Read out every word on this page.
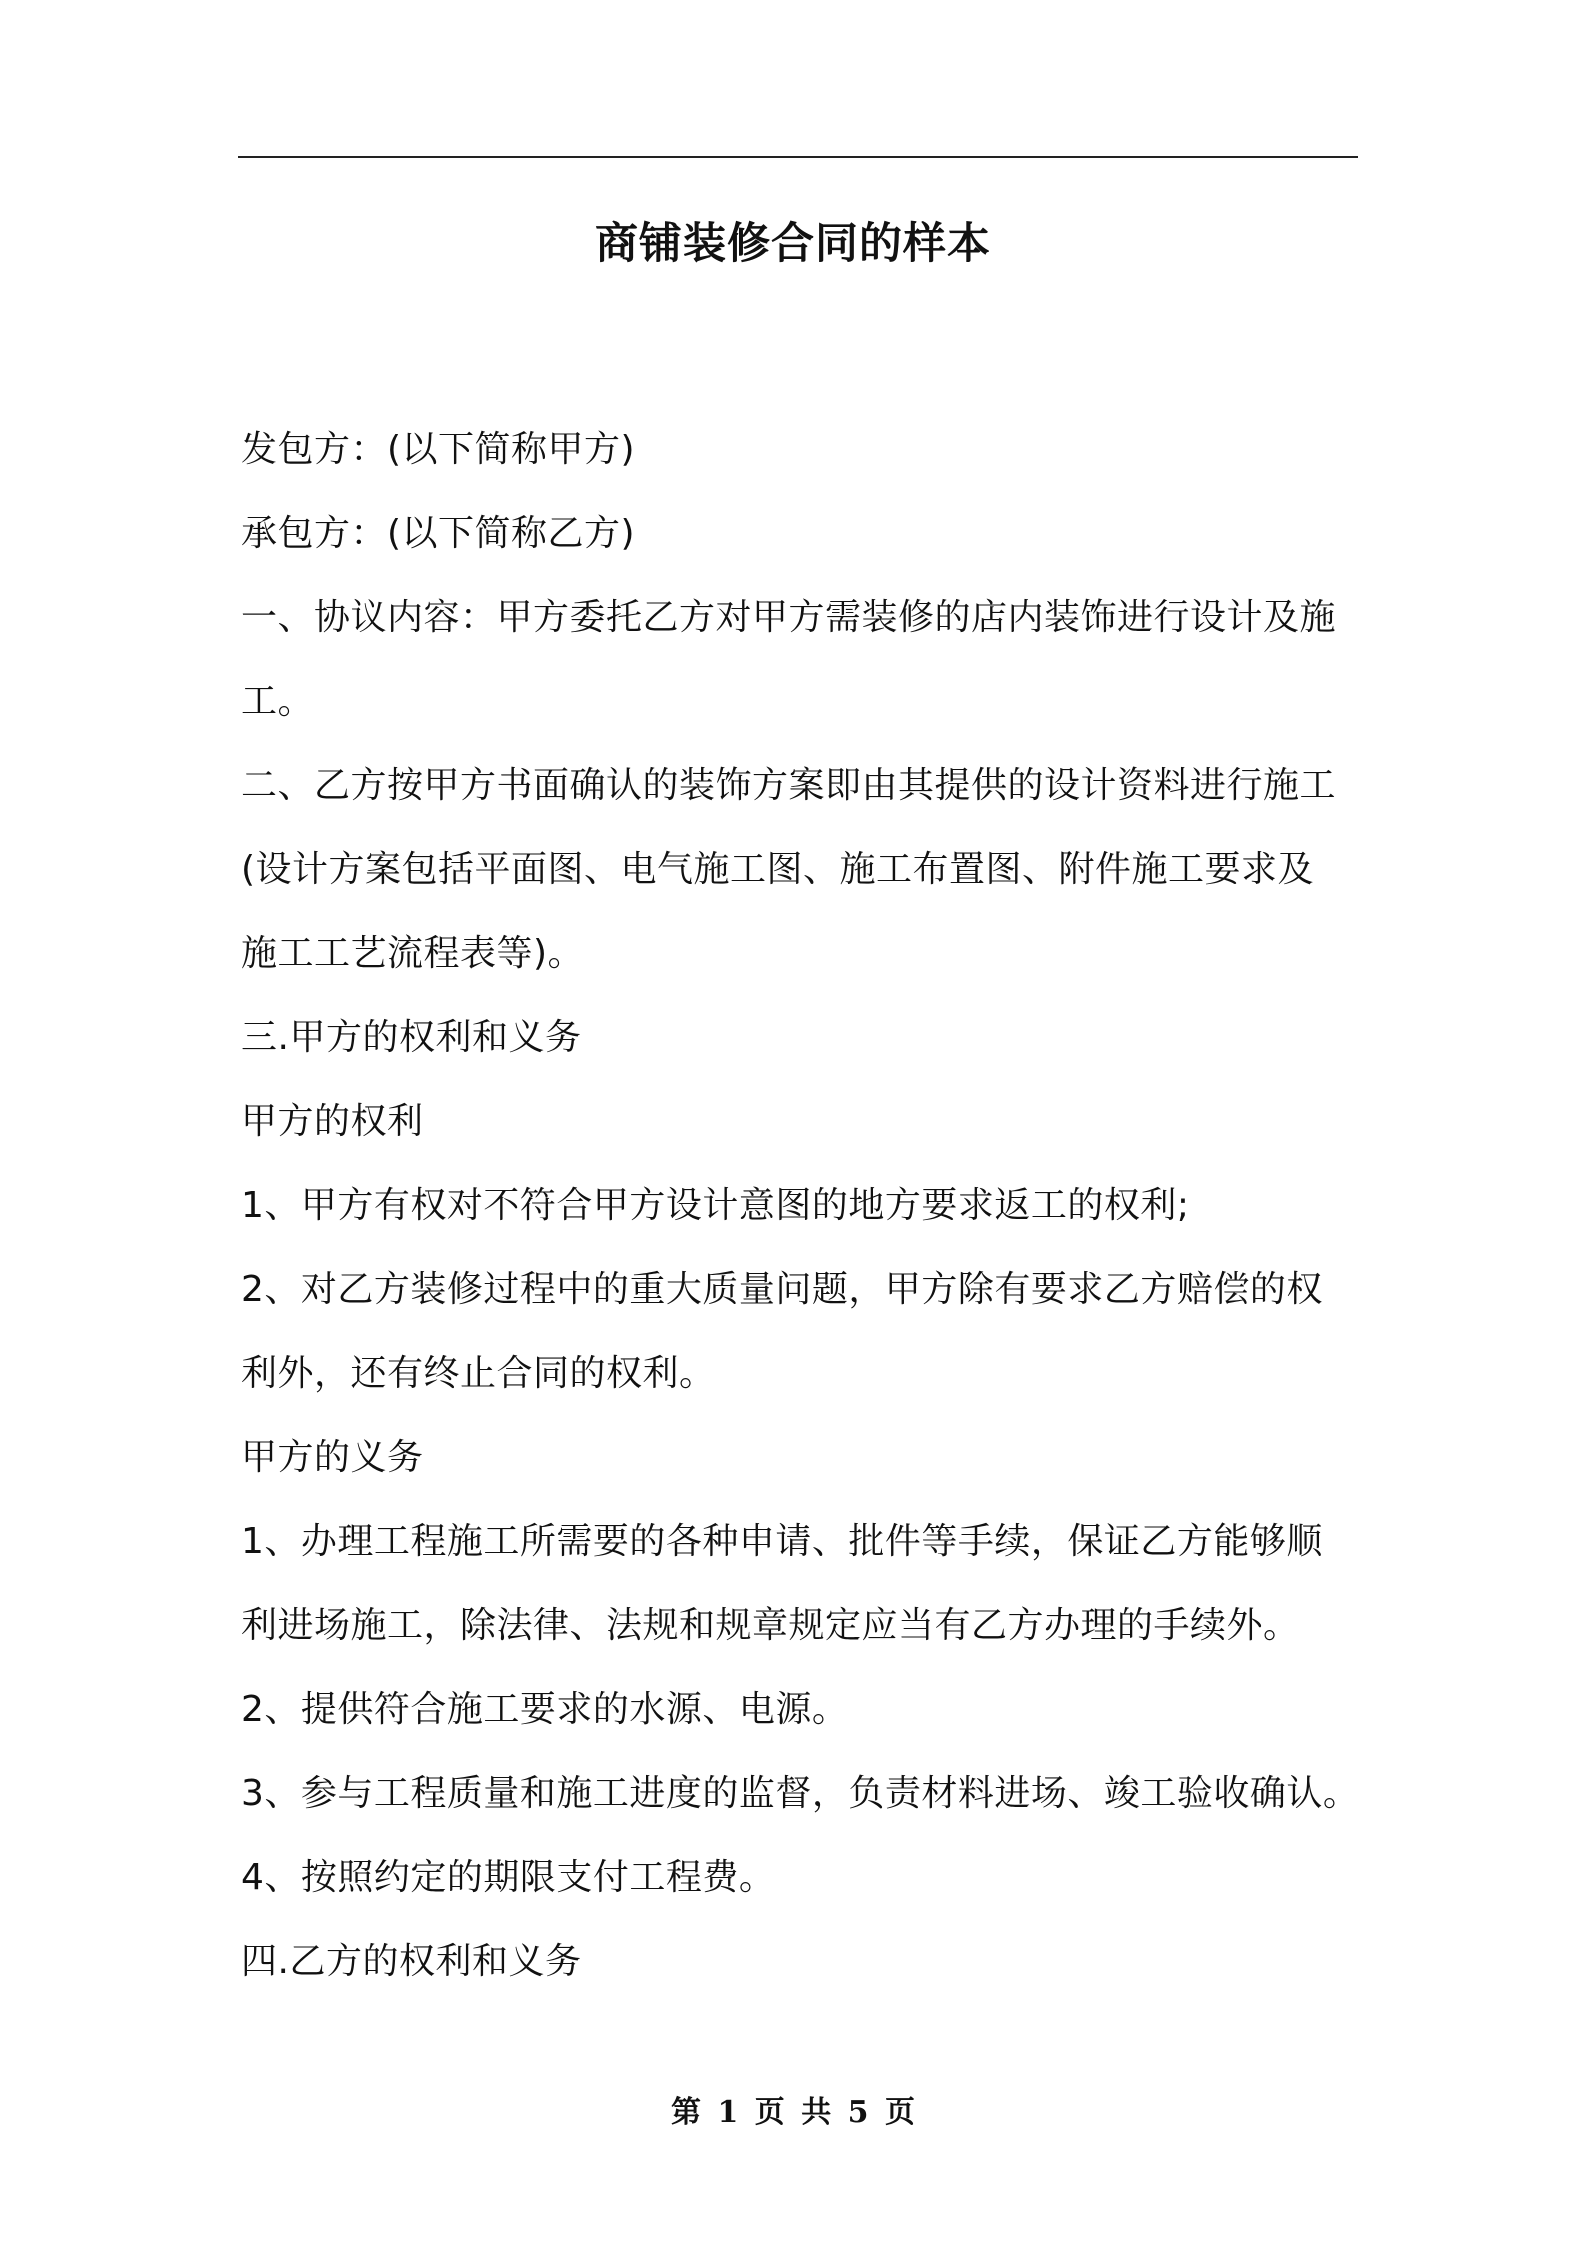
商铺装修合同的样本

发包方：(以下简称甲方)

承包方：(以下简称乙方)

一、协议内容：甲方委托乙方对甲方需装修的店内装饰进行设计及施

工。

二、乙方按甲方书面确认的装饰方案即由其提供的设计资料进行施工

(设计方案包括平面图、电气施工图、施工布置图、附件施工要求及

施工工艺流程表等)。

三.甲方的权利和义务

甲方的权利

1、甲方有权对不符合甲方设计意图的地方要求返工的权利;

2、对乙方装修过程中的重大质量问题，甲方除有要求乙方赔偿的权

利外，还有终止合同的权利。

甲方的义务

1、办理工程施工所需要的各种申请、批件等手续，保证乙方能够顺

利进场施工，除法律、法规和规章规定应当有乙方办理的手续外。

2、提供符合施工要求的水源、电源。

3、参与工程质量和施工进度的监督，负责材料进场、竣工验收确认。

4、按照约定的期限支付工程费。

四.乙方的权利和义务

第 1 页 共 5 页
